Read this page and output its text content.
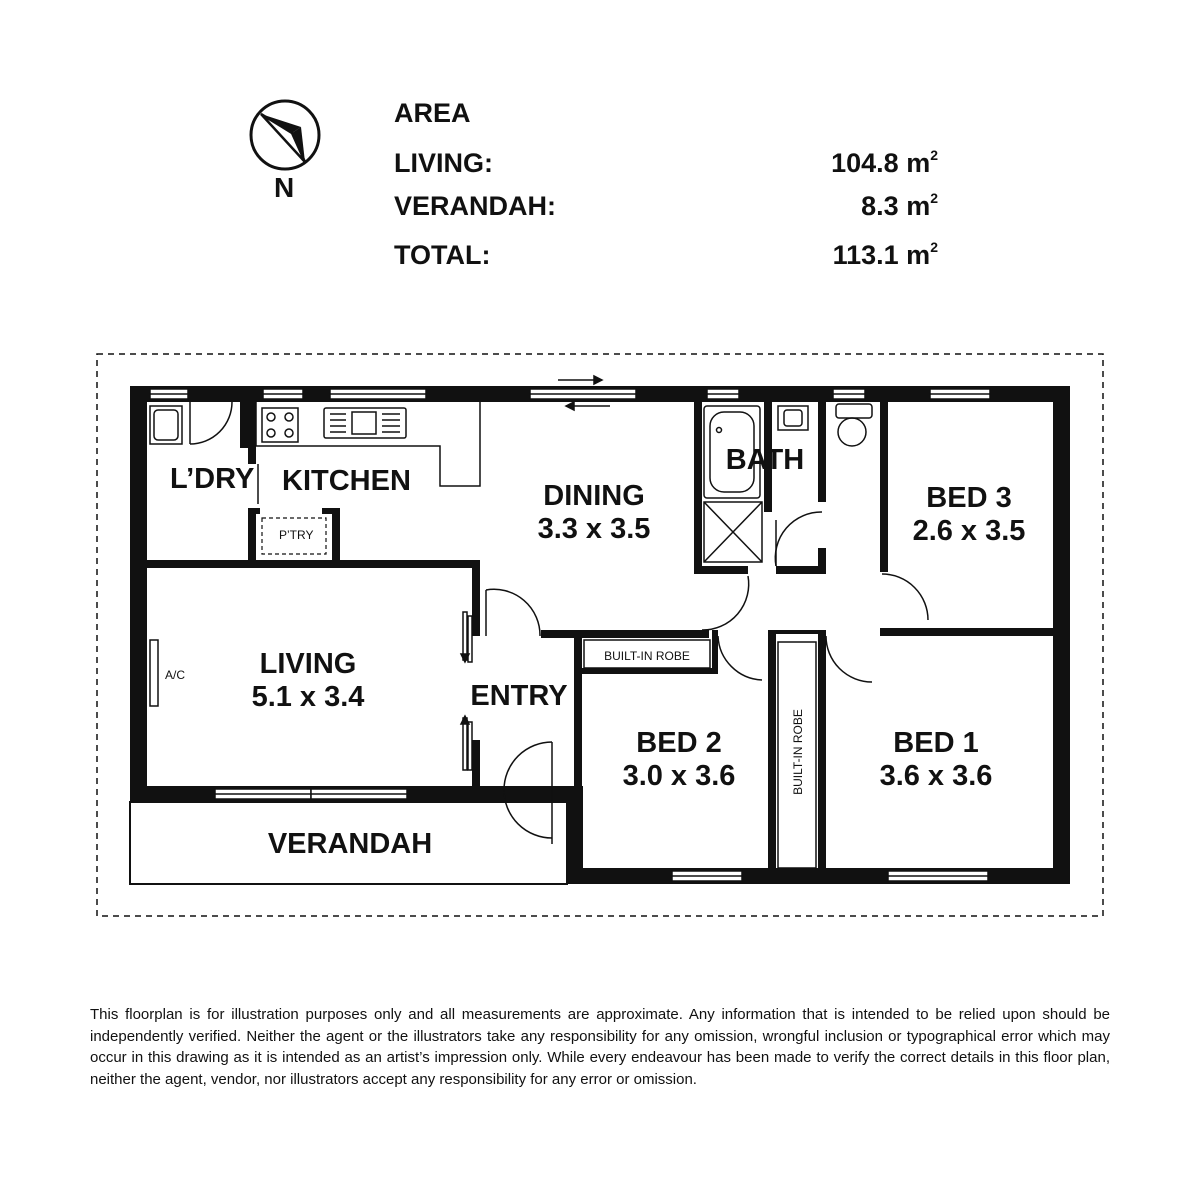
N
AREA
LIVING:	104.8 $m^2$
VERANDAH:	8.3 $m^2$
TOTAL:	113.1 $m^2$
L’DRY KITCHEN
P’TRY
DINING
3.3 x 3.5
BATH
BED 3
2.6 x 3.5
LIVING
5.1 x 3.4
A/C
ENTRY
BUILT-IN ROBE
BUILT-IN ROBE
BED 2
3.0 x 3.6
BED 1
3.6 x 3.6
VERANDAH
This floorplan is for illustration purposes only and all measurements are approximate. Any information that is intended to be relied upon should be independently verified. Neither the agent or the illustrators take any responsibility for any omission, wrongful inclusion or typographical error which may occur in this drawing as it is intended as an artist’s impression only. While every endeavour has been made to verify the correct details in this floor plan, neither the agent, vendor, nor illustrators accept any responsibility for any error or omission.
